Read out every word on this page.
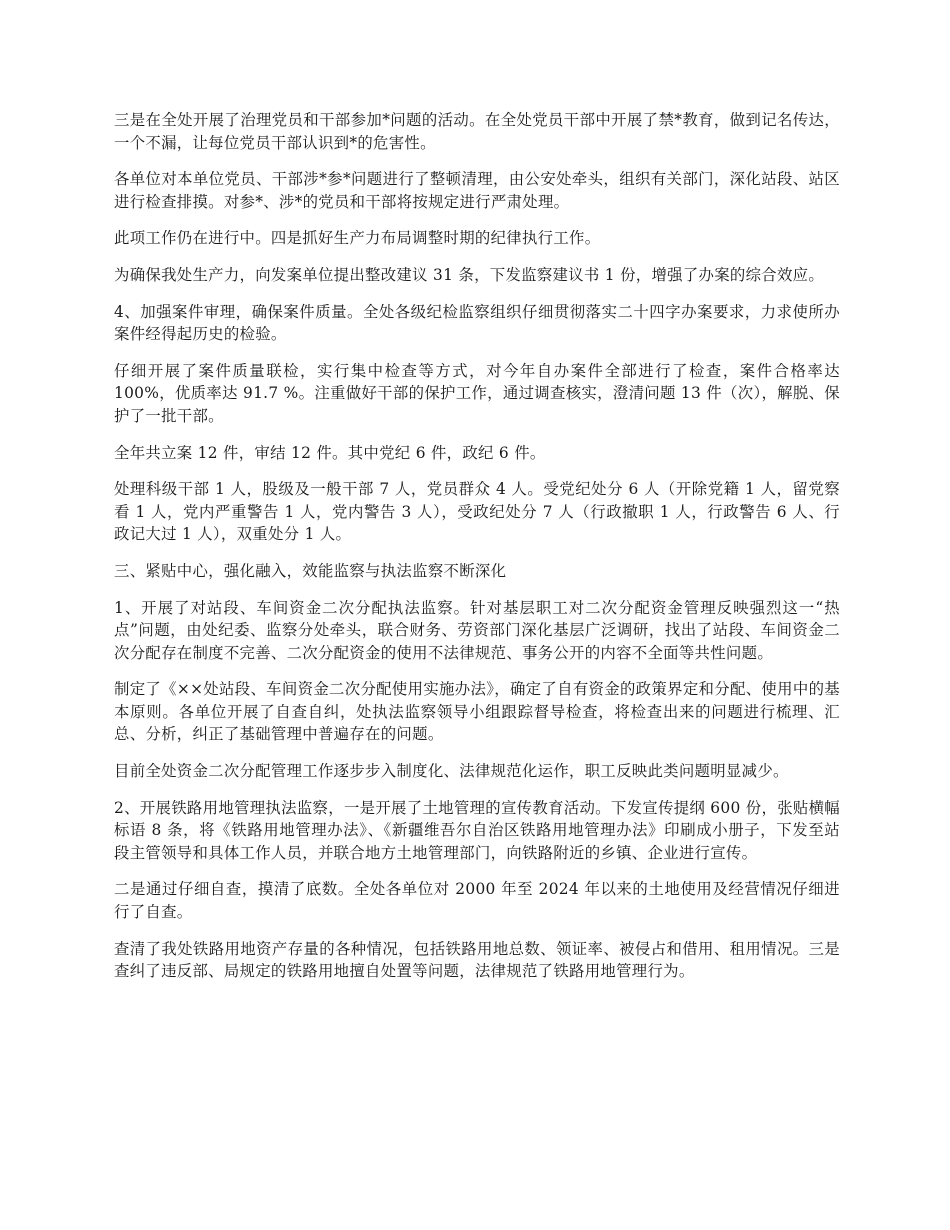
三是在全处开展了治理党员和干部参加*问题的活动。在全处党员干部中开展了禁*教育，做到记名传达，一个不漏，让每位党员干部认识到*的危害性。

各单位对本单位党员、干部涉*参*问题进行了整顿清理，由公安处牵头，组织有关部门，深化站段、站区进行检查排摸。对参*、涉*的党员和干部将按规定进行严肃处理。

此项工作仍在进行中。四是抓好生产力布局调整时期的纪律执行工作。

为确保我处生产力，向发案单位提出整改建议 31 条，下发监察建议书 1 份，增强了办案的综合效应。

4、加强案件审理，确保案件质量。全处各级纪检监察组织仔细贯彻落实二十四字办案要求，力求使所办案件经得起历史的检验。

仔细开展了案件质量联检，实行集中检查等方式，对今年自办案件全部进行了检查，案件合格率达 100%，优质率达 91.7 %。注重做好干部的保护工作，通过调查核实，澄清问题 13 件（次），解脱、保护了一批干部。

全年共立案 12 件，审结 12 件。其中党纪 6 件，政纪 6 件。

处理科级干部 1 人，股级及一般干部 7 人，党员群众 4 人。受党纪处分 6 人（开除党籍 1 人，留党察看 1 人，党内严重警告 1 人，党内警告 3 人），受政纪处分 7 人（行政撤职 1 人，行政警告 6 人、行政记大过 1 人），双重处分 1 人。

三、紧贴中心，强化融入，效能监察与执法监察不断深化

1、开展了对站段、车间资金二次分配执法监察。针对基层职工对二次分配资金管理反映强烈这一“热点”问题，由处纪委、监察分处牵头，联合财务、劳资部门深化基层广泛调研，找出了站段、车间资金二次分配存在制度不完善、二次分配资金的使用不法律规范、事务公开的内容不全面等共性问题。

制定了《××处站段、车间资金二次分配使用实施办法》，确定了自有资金的政策界定和分配、使用中的基本原则。各单位开展了自查自纠，处执法监察领导小组跟踪督导检查，将检查出来的问题进行梳理、汇总、分析，纠正了基础管理中普遍存在的问题。

目前全处资金二次分配管理工作逐步步入制度化、法律规范化运作，职工反映此类问题明显减少。

2、开展铁路用地管理执法监察，一是开展了土地管理的宣传教育活动。下发宣传提纲 600 份，张贴横幅标语 8 条，将《铁路用地管理办法》、《新疆维吾尔自治区铁路用地管理办法》印刷成小册子，下发至站段主管领导和具体工作人员，并联合地方土地管理部门，向铁路附近的乡镇、企业进行宣传。

二是通过仔细自查，摸清了底数。全处各单位对 2000 年至 2024 年以来的土地使用及经营情况仔细进行了自查。

查清了我处铁路用地资产存量的各种情况，包括铁路用地总数、领证率、被侵占和借用、租用情况。三是查纠了违反部、局规定的铁路用地擅自处置等问题，法律规范了铁路用地管理行为。
